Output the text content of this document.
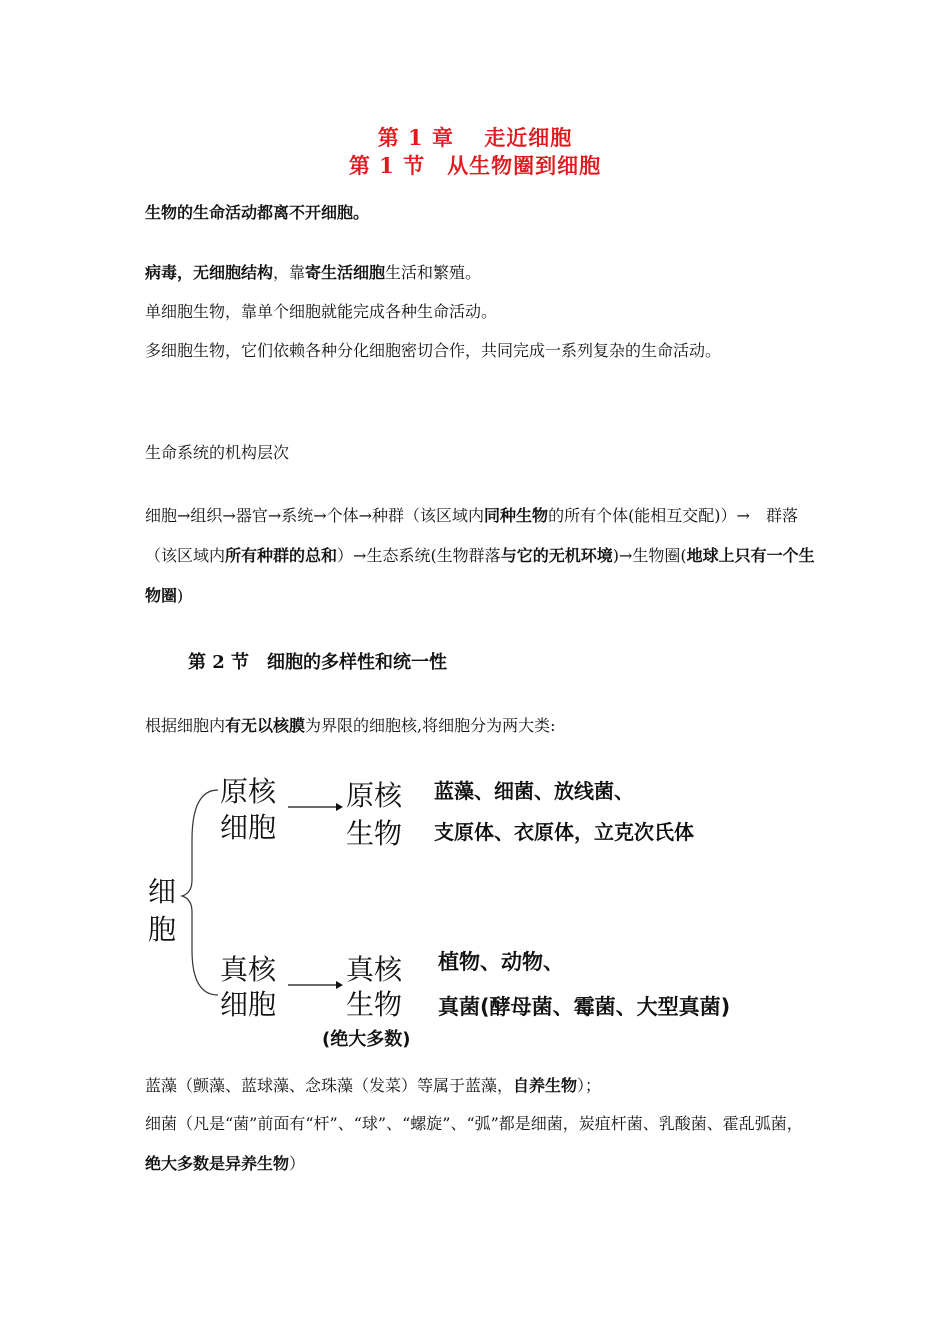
第 1 章　 走近细胞
第 1 节　从生物圈到细胞
生物的生命活动都离不开细胞。
病毒，无细胞结构，靠寄生活细胞生活和繁殖。
单细胞生物，靠单个细胞就能完成各种生命活动。
多细胞生物，它们依赖各种分化细胞密切合作，共同完成一系列复杂的生命活动。
生命系统的机构层次
细胞→组织→器官→系统→个体→种群（该区域内同种生物的所有个体(能相互交配)）→　群落（该区域内所有种群的总和）→生态系统(生物群落与它的无机环境)→生物圈(地球上只有一个生物圈)
第 2 节　细胞的多样性和统一性
根据细胞内有无以核膜为界限的细胞核,将细胞分为两大类:
细
胞
原核
细胞
原核
生物
蓝藻、细菌、放线菌、
支原体、衣原体，立克次氏体
真核
细胞
真核
生物
(绝大多数)
植物、动物、
真菌(酵母菌、霉菌、大型真菌)
蓝藻（颤藻、蓝球藻、念珠藻（发菜）等属于蓝藻，自养生物）；
细菌（凡是“菌”前面有“杆”、“球”、“螺旋”、“弧”都是细菌，炭疽杆菌、乳酸菌、霍乱弧菌，绝大多数是异养生物）
